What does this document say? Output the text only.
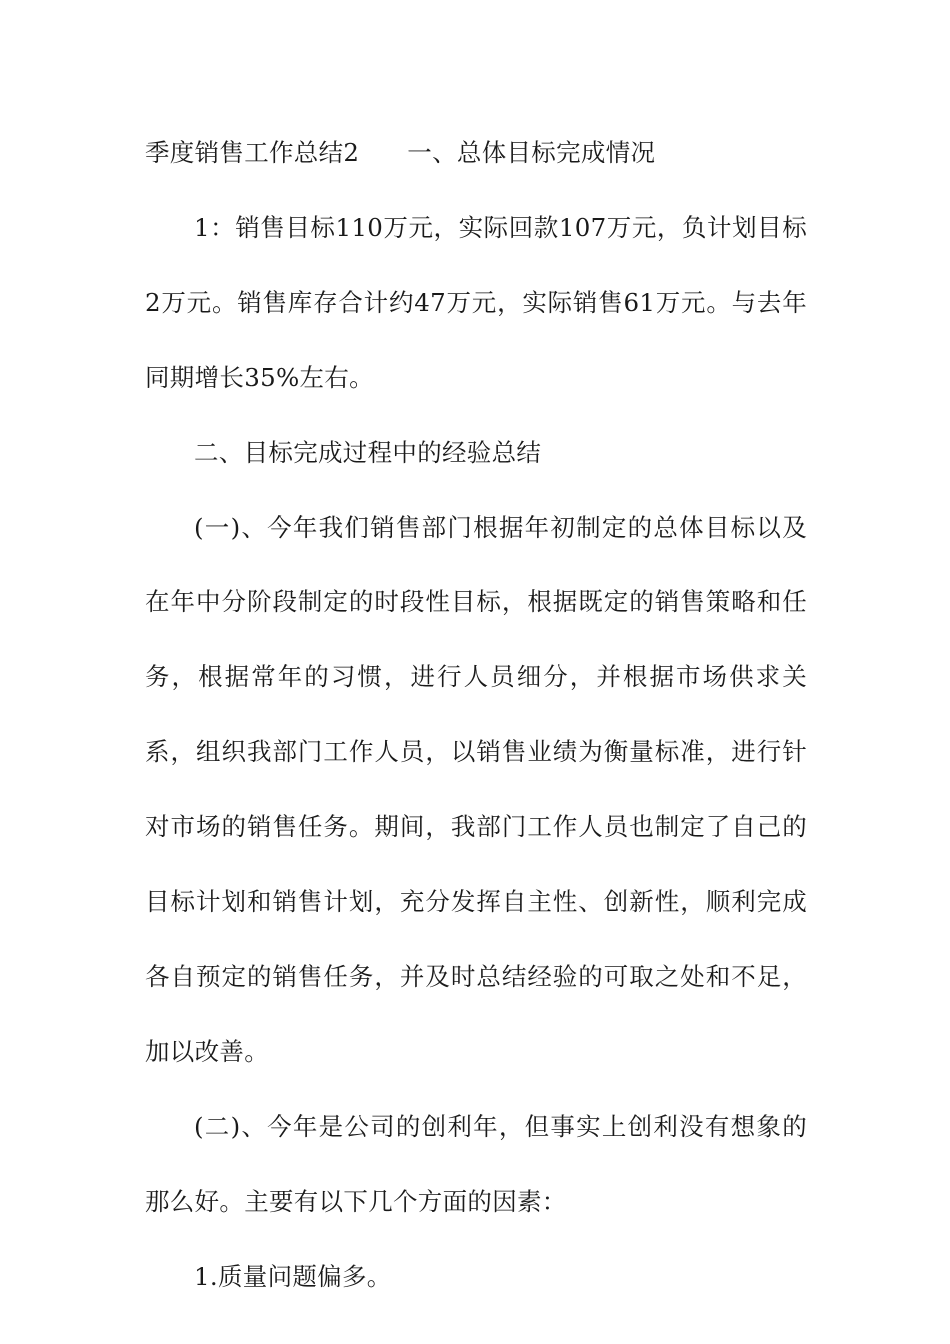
季度销售工作总结2 一、总体目标完成情况

1：销售目标110万元，实际回款107万元，负计划目标2万元。销售库存合计约47万元，实际销售61万元。与去年同期增长35%左右。

二、目标完成过程中的经验总结

(一)、今年我们销售部门根据年初制定的总体目标以及在年中分阶段制定的时段性目标，根据既定的销售策略和任务，根据常年的习惯，进行人员细分，并根据市场供求关系，组织我部门工作人员，以销售业绩为衡量标准，进行针对市场的销售任务。期间，我部门工作人员也制定了自己的目标计划和销售计划，充分发挥自主性、创新性，顺利完成各自预定的销售任务，并及时总结经验的可取之处和不足，加以改善。

(二)、今年是公司的创利年，但事实上创利没有想象的那么好。主要有以下几个方面的因素：

1.质量问题偏多。
